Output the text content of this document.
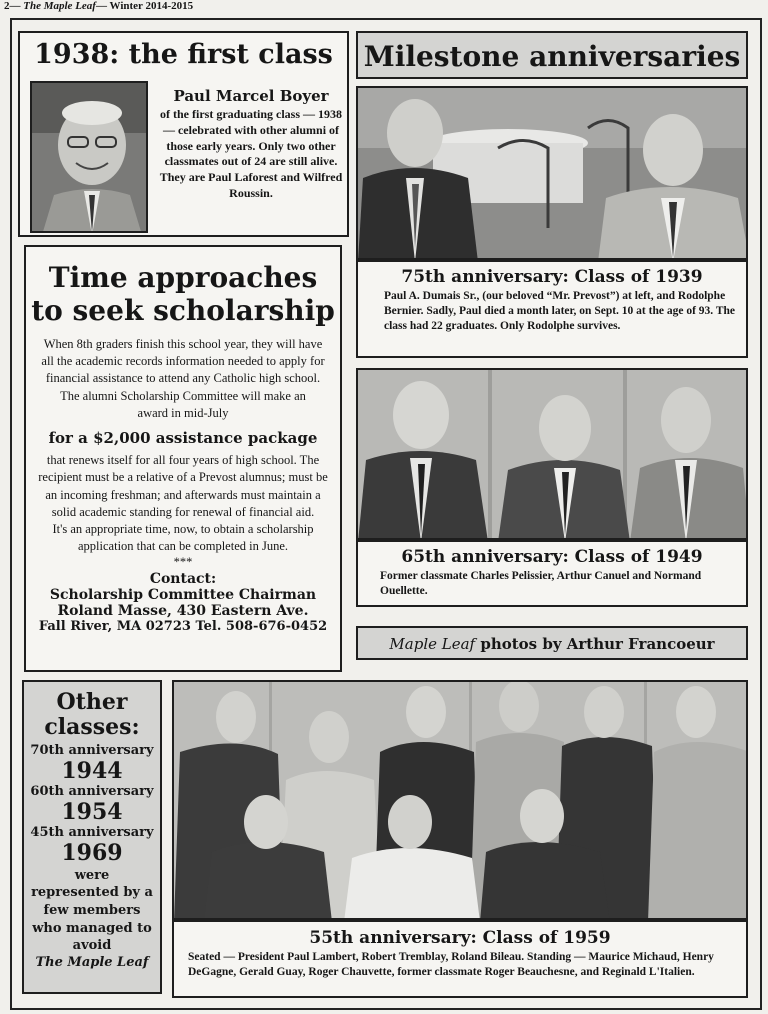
2— The Maple Leaf— Winter 2014-2015
1938: the first class
Paul Marcel Boyer
of the first graduating class — 1938 — celebrated with other alumni of those early years. Only two other classmates out of 24 are still alive. They are Paul Laforest and Wilfred Roussin.
Milestone anniversaries
75th anniversary: Class of 1939
Paul A. Dumais Sr., (our beloved “Mr. Prevost”) at left, and Rodolphe Bernier. Sadly, Paul died a month later, on Sept. 10 at the age of 93. The class had 22 graduates. Only Rodolphe survives.
Time approaches
to seek scholarship
When 8th graders finish this school year, they will have all the academic records information needed to apply for financial assistance to attend any Catholic high school.
The alumni Scholarship Committee will make an award in mid-July
for a $2,000 assistance package
that renews itself for all four years of high school. The recipient must be a relative of a Prevost alumnus; must be an incoming freshman; and afterwards must maintain a solid academic standing for renewal of financial aid.
It's an appropriate time, now, to obtain a scholarship application that can be completed in June.
***
Contact:
Scholarship Committee Chairman
Roland Masse, 430 Eastern Ave.
Fall River, MA 02723 Tel. 508-676-0452
65th anniversary: Class of 1949
Former classmate Charles Pelissier, Arthur Canuel and Normand Ouellette.
Maple Leaf photos by Arthur Francoeur
Other
classes:
70th anniversary
1944
60th anniversary
1954
45th anniversary
1969
were represented by a few members who managed to avoid
The Maple Leaf
55th anniversary: Class of 1959
Seated — President Paul Lambert, Robert Tremblay, Roland Bileau. Standing — Maurice Michaud, Henry DeGagne, Gerald Guay, Roger Chauvette, former classmate Roger Beauchesne, and Reginald L'Italien.
